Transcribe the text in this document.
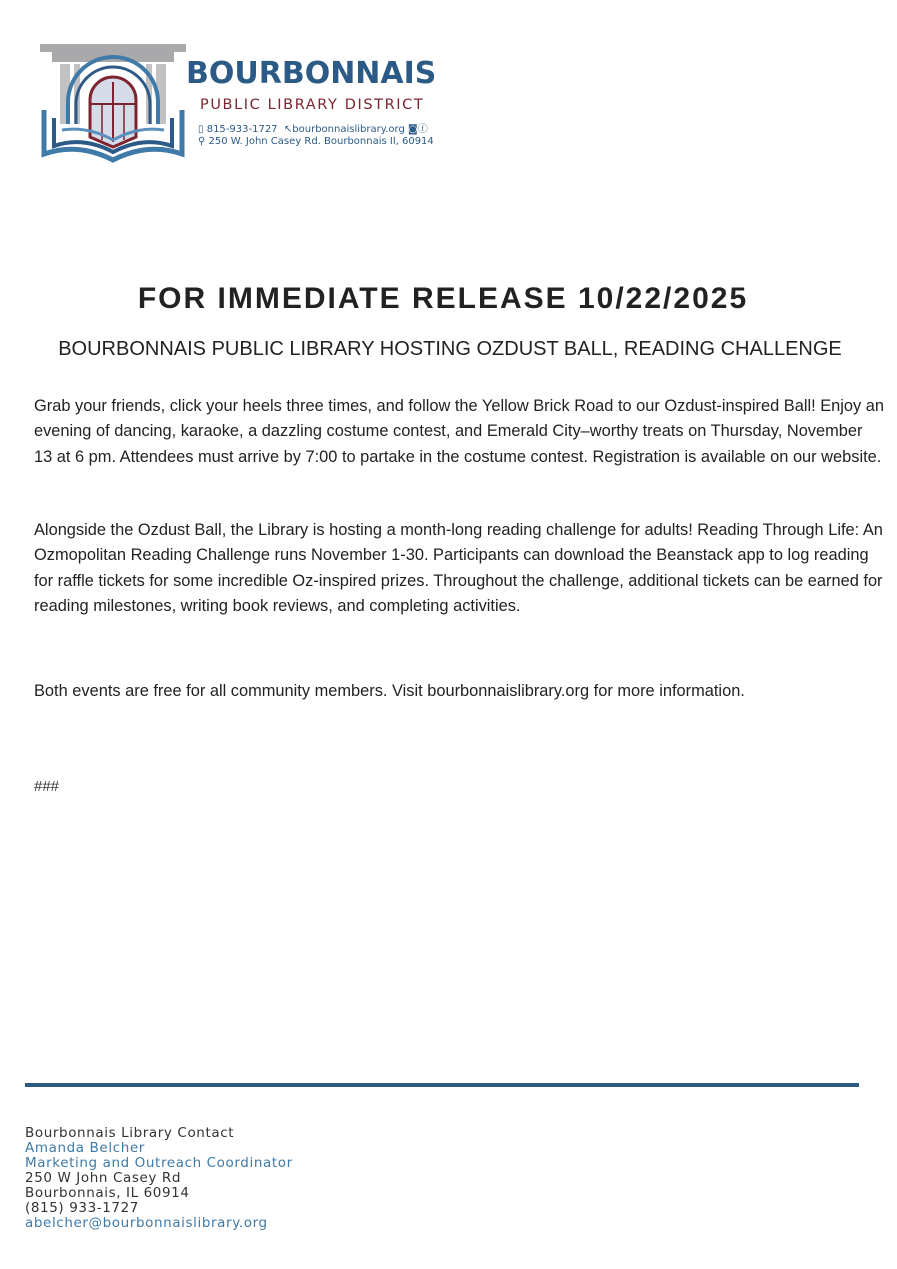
BOURBONNAIS
PUBLIC LIBRARY DISTRICT
▯ 815-933-1727  ↖bourbonnaislibrary.org ◙ⓕ
⚲ 250 W. John Casey Rd. Bourbonnais Il, 60914
FOR IMMEDIATE RELEASE 10/22/2025
BOURBONNAIS PUBLIC LIBRARY HOSTING OZDUST BALL, READING CHALLENGE
Grab your friends, click your heels three times, and follow the Yellow Brick Road to our Ozdust-inspired Ball! Enjoy an evening of dancing, karaoke, a dazzling costume contest, and Emerald City–worthy treats on Thursday, November 13 at 6 pm. Attendees must arrive by 7:00 to partake in the costume contest. Registration is available on our website.
Alongside the Ozdust Ball, the Library is hosting a month-long reading challenge for adults! Reading Through Life: An Ozmopolitan Reading Challenge runs November 1-30. Participants can download the Beanstack app to log reading for raffle tickets for some incredible Oz-inspired prizes. Throughout the challenge, additional tickets can be earned for reading milestones, writing book reviews, and completing activities.
Both events are free for all community members. Visit bourbonnaislibrary.org for more information.
###
Bourbonnais Library Contact
Amanda Belcher
Marketing and Outreach Coordinator
250 W John Casey Rd
Bourbonnais, IL 60914
(815) 933-1727
abelcher@bourbonnaislibrary.org
